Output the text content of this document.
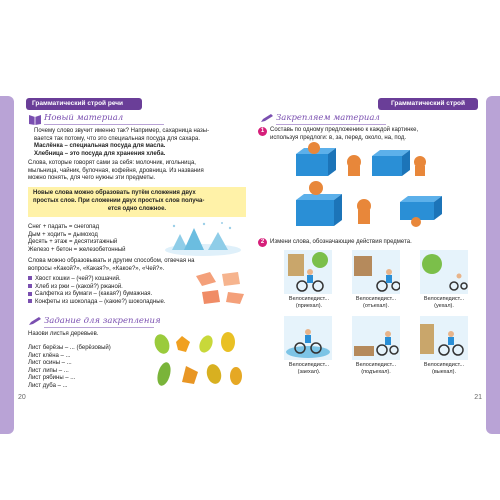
Грамматический строй речи
Новый материал
Почему слово звучит именно так? Например, сахарница назы-
вается так потому, что это специальная посуда для сахара.
Маслёнка – специальная посуда для масла.
Хлебница – это посуда для хранения хлеба.
Слова, которые говорят сами за себя: молочник, игольница,
мыльница, чайник, булочная, кофейня, дровница. Из названия
можно понять, для чего нужны эти предметы.
Новые слова можно образовать путём сложения двух
простых слов. При сложении двух простых слов получа-
ется одно сложное.
Снег + падать = снегопад
Дым + ходить = дымоход
Десять + этаж = десятиэтажный
Железо + бетон = железобетонный
Слова можно образовывать и другим способом, отвечая на
вопросы «Какой?», «Какая?», «Какое?», «Чей?».
Хвост кошки – (чей?) кошачий.
Хлеб из ржи – (какой?) ржаной.
Салфетка из бумаги – (какая?) бумажная.
Конфеты из шоколада – (какие?) шоколадные.
Задание для закрепления
Назови листья деревьев.
Лист берёзы – ... (берёзовый)
Лист клёна – ...
Лист осины – ...
Лист липы – ...
Лист рябины – ...
Лист дуба – ...
20
Грамматический строй речи
Закрепляем материал
1 Составь по одному предложению к каждой картинке,
используя предлоги: в, за, перед, около, на, под.
2 Измени слова, обозначающие действия предмета.
Велосипедист...
(приехал).
Велосипедист...
(отъехал).
Велосипедист...
(уехал).
Велосипедист...
(заехал).
Велосипедист...
(подъехал).
Велосипедист...
(выехал).
21
